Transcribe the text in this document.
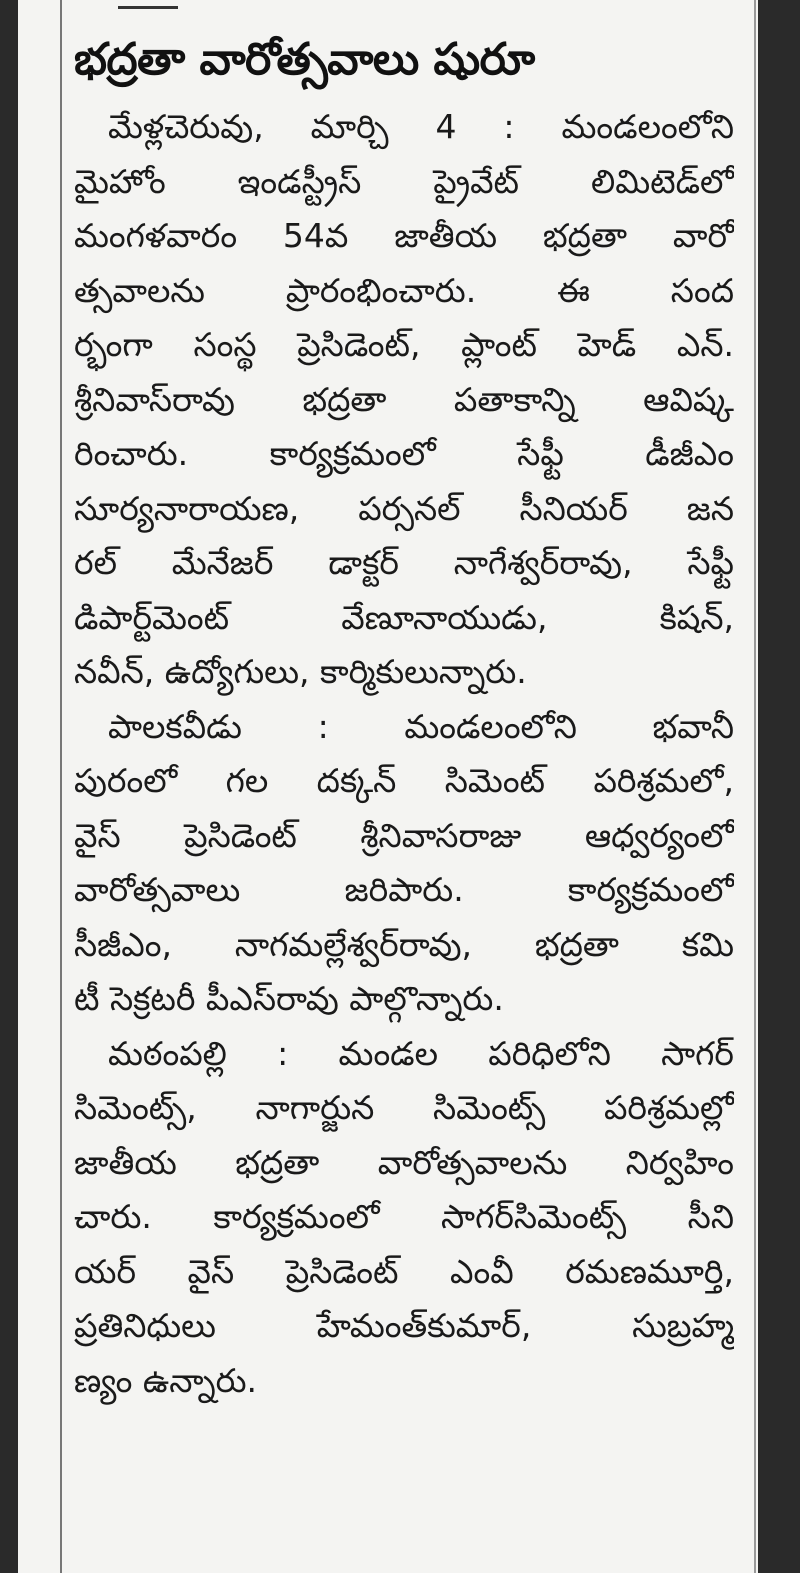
భద్రతా వారోత్సవాలు షురూ
మేళ్లచెరువు, మార్చి 4 : మండలంలోని
మైహోం ఇండస్ట్రీస్ ప్రైవేట్ లిమిటెడ్‌లో
మంగళవారం 54వ జాతీయ భద్రతా వారో
త్సవాలను ప్రారంభించారు. ఈ సంద
ర్భంగా సంస్థ ప్రెసిడెంట్, ప్లాంట్ హెడ్ ఎన్.
శ్రీనివాస్‌రావు భద్రతా పతాకాన్ని ఆవిష్క
రించారు. కార్యక్రమంలో సేఫ్టీ డీజీఎం
సూర్యనారాయణ, పర్సనల్ సీనియర్ జన
రల్ మేనేజర్ డాక్టర్ నాగేశ్వర్‌రావు, సేఫ్టీ
డిపార్ట్‌మెంట్ వేణూనాయుడు, కిషన్,
నవీన్, ఉద్యోగులు, కార్మికులున్నారు.
పాలకవీడు : మండలంలోని భవానీ
పురంలో గల దక్కన్ సిమెంట్ పరిశ్రమలో,
వైస్ ప్రెసిడెంట్ శ్రీనివాసరాజు ఆధ్వర్యంలో
వారోత్సవాలు జరిపారు. కార్యక్రమంలో
సీజీఎం, నాగమల్లేశ్వర్‌రావు, భద్రతా కమి
టీ సెక్రటరీ పీఎస్‌రావు పాల్గొన్నారు.
మఠంపల్లి : మండల పరిధిలోని సాగర్
సిమెంట్స్, నాగార్జున సిమెంట్స్ పరిశ్రమల్లో
జాతీయ భద్రతా వారోత్సవాలను నిర్వహిం
చారు. కార్యక్రమంలో సాగర్‌సిమెంట్స్ సీని
యర్ వైస్ ప్రెసిడెంట్ ఎంవీ రమణమూర్తి,
ప్రతినిధులు హేమంత్‌కుమార్, సుబ్రహ్మ
ణ్యం ఉన్నారు.
